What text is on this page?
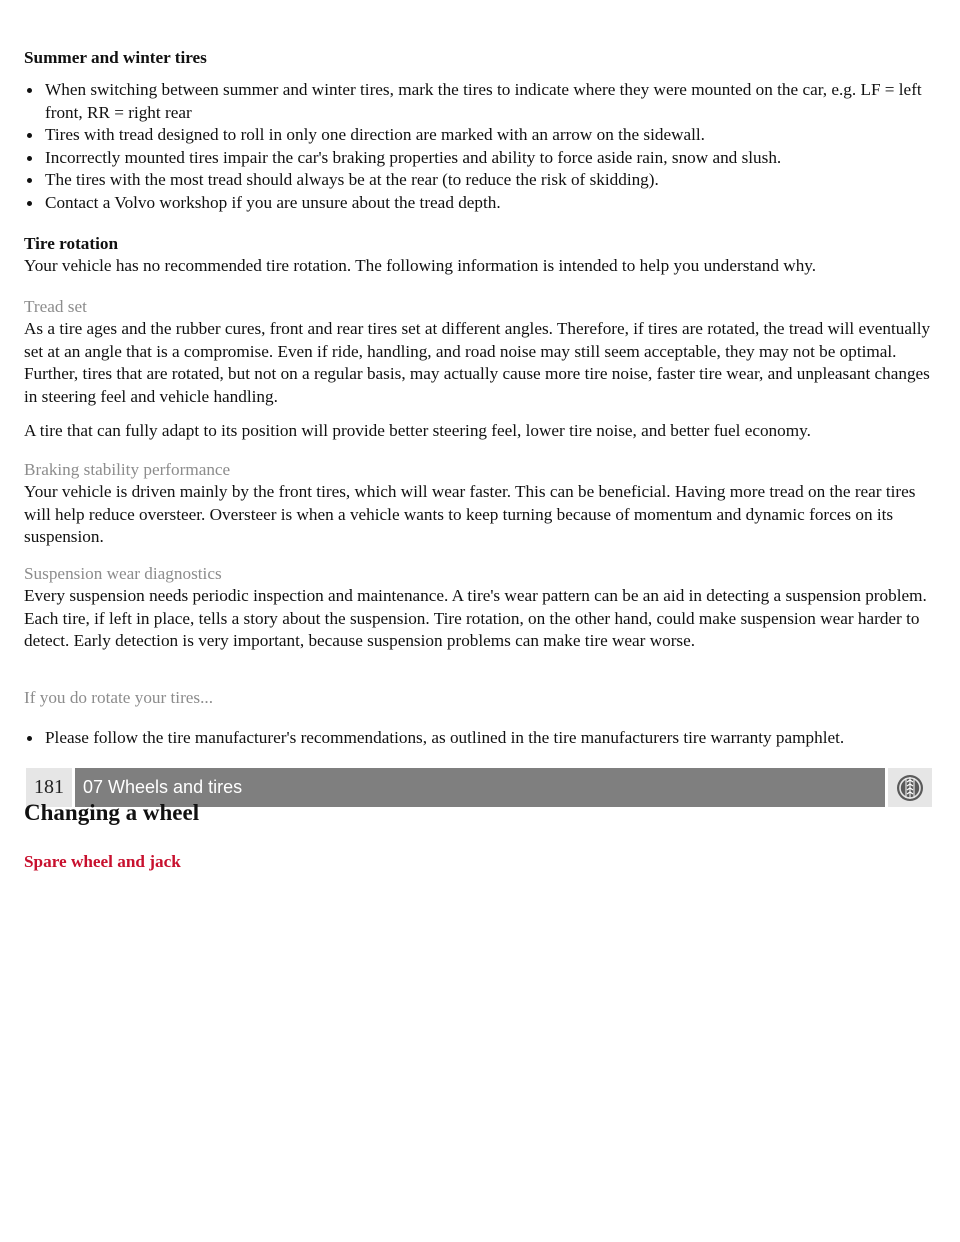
Summer and winter tires
When switching between summer and winter tires, mark the tires to indicate where they were mounted on the car, e.g. LF = left front, RR = right rear
Tires with tread designed to roll in only one direction are marked with an arrow on the sidewall.
Incorrectly mounted tires impair the car's braking properties and ability to force aside rain, snow and slush.
The tires with the most tread should always be at the rear (to reduce the risk of skidding).
Contact a Volvo workshop if you are unsure about the tread depth.
Tire rotation

Your vehicle has no recommended tire rotation. The following information is intended to help you understand why.

Tread set

As a tire ages and the rubber cures, front and rear tires set at different angles. Therefore, if tires are rotated, the tread will eventually set at an angle that is a compromise. Even if ride, handling, and road noise may still seem acceptable, they may not be optimal. Further, tires that are rotated, but not on a regular basis, may actually cause more tire noise, faster tire wear, and unpleasant changes in steering feel and vehicle handling.

A tire that can fully adapt to its position will provide better steering feel, lower tire noise, and better fuel economy.

Braking stability performance

Your vehicle is driven mainly by the front tires, which will wear faster. This can be beneficial. Having more tread on the rear tires will help reduce oversteer. Oversteer is when a vehicle wants to keep turning because of momentum and dynamic forces on its suspension.

Suspension wear diagnostics

Every suspension needs periodic inspection and maintenance. A tire's wear pattern can be an aid in detecting a suspension problem. Each tire, if left in place, tells a story about the suspension. Tire rotation, on the other hand, could make suspension wear harder to detect. Early detection is very important, because suspension problems can make tire wear worse.

If you do rotate your tires...

Please follow the tire manufacturer's recommendations, as outlined in the tire manufacturers tire warranty pamphlet.
181	07 Wheels and tires
Changing a wheel
Spare wheel and jack
